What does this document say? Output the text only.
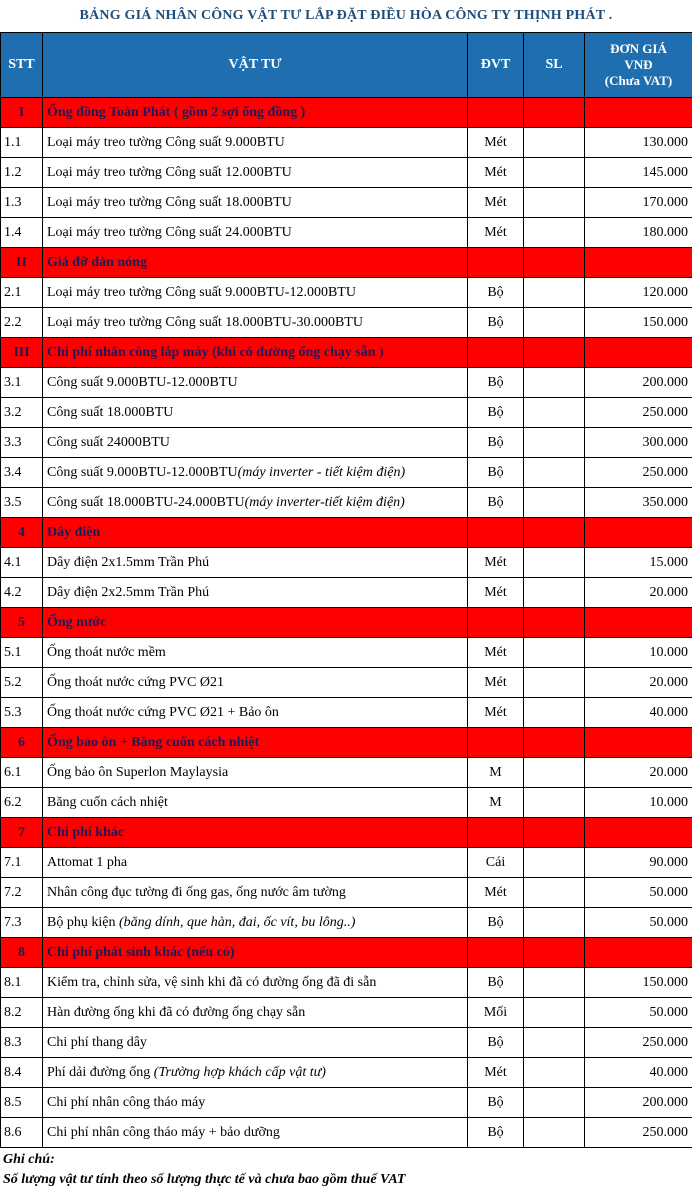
BẢNG GIÁ NHÂN CÔNG VẬT TƯ LẮP ĐẶT ĐIỀU HÒA CÔNG TY THỊNH PHÁT .
STT	VẬT TƯ	ĐVT	SL	ĐƠN GIÁ
VNĐ
(Chưa VAT)

I	Ống đồng Toàn Phát ( gồm 2 sợi ống đồng )			
1.1	Loại máy treo tường Công suất 9.000BTU	Mét		130.000
1.2	Loại máy treo tường Công suất 12.000BTU	Mét		145.000
1.3	Loại máy treo tường Công suất 18.000BTU	Mét		170.000
1.4	Loại máy treo tường Công suất 24.000BTU	Mét		180.000
II	Giá đỡ dàn nóng			
2.1	Loại máy treo tường Công suất 9.000BTU-12.000BTU	Bộ		120.000
2.2	Loại máy treo tường Công suất 18.000BTU-30.000BTU	Bộ		150.000
III	Chi phí nhân công lắp máy (khi có đường ống chạy sẵn )			
3.1	Công suất 9.000BTU-12.000BTU	Bộ		200.000
3.2	Công suất 18.000BTU	Bộ		250.000
3.3	Công suất 24000BTU	Bộ		300.000
3.4	Công suất 9.000BTU-12.000BTU(máy inverter - tiết kiệm điện)	Bộ		250.000
3.5	Công suất 18.000BTU-24.000BTU(máy inverter-tiết kiệm điện)	Bộ		350.000
4	Dây điện			
4.1	Dây điện 2x1.5mm Trần Phú	Mét		15.000
4.2	Dây điện 2x2.5mm Trần Phú	Mét		20.000
5	Ống nước			
5.1	Ống thoát nước mềm	Mét		10.000
5.2	Ống thoát nước cứng PVC Ø21	Mét		20.000
5.3	Ống thoát nước cứng PVC Ø21 + Bảo ôn	Mét		40.000
6	Ống bảo ôn + Băng cuốn cách nhiệt			
6.1	Ống bảo ôn Superlon Maylaysia	M		20.000
6.2	Băng cuốn cách nhiệt	M		10.000
7	Chi phí khác			
7.1	Attomat 1 pha	Cái		90.000
7.2	Nhân công đục tường đi ống gas, ống nước âm tường	Mét		50.000
7.3	Bộ phụ kiện (băng dính, que hàn, đai, ốc vít, bu lông..)	Bộ		50.000
8	Chi phí phát sinh khác (nếu có)			
8.1	Kiểm tra, chỉnh sửa, vệ sinh khi đã có đường ống đã đi sẵn	Bộ		150.000
8.2	Hàn đường ống khi đã có đường ống chạy sẵn	Mối		50.000
8.3	Chi phí thang dây	Bộ		250.000
8.4	Phí dải đường ống (Trường hợp khách cấp vật tư)	Mét		40.000
8.5	Chi phí nhân công tháo máy	Bộ		200.000
8.6	Chi phí nhân công tháo máy + bảo dưỡng	Bộ		250.000
Ghi chú:
Số lượng vật tư tính theo số lượng thực tế và chưa bao gồm thuế VAT
